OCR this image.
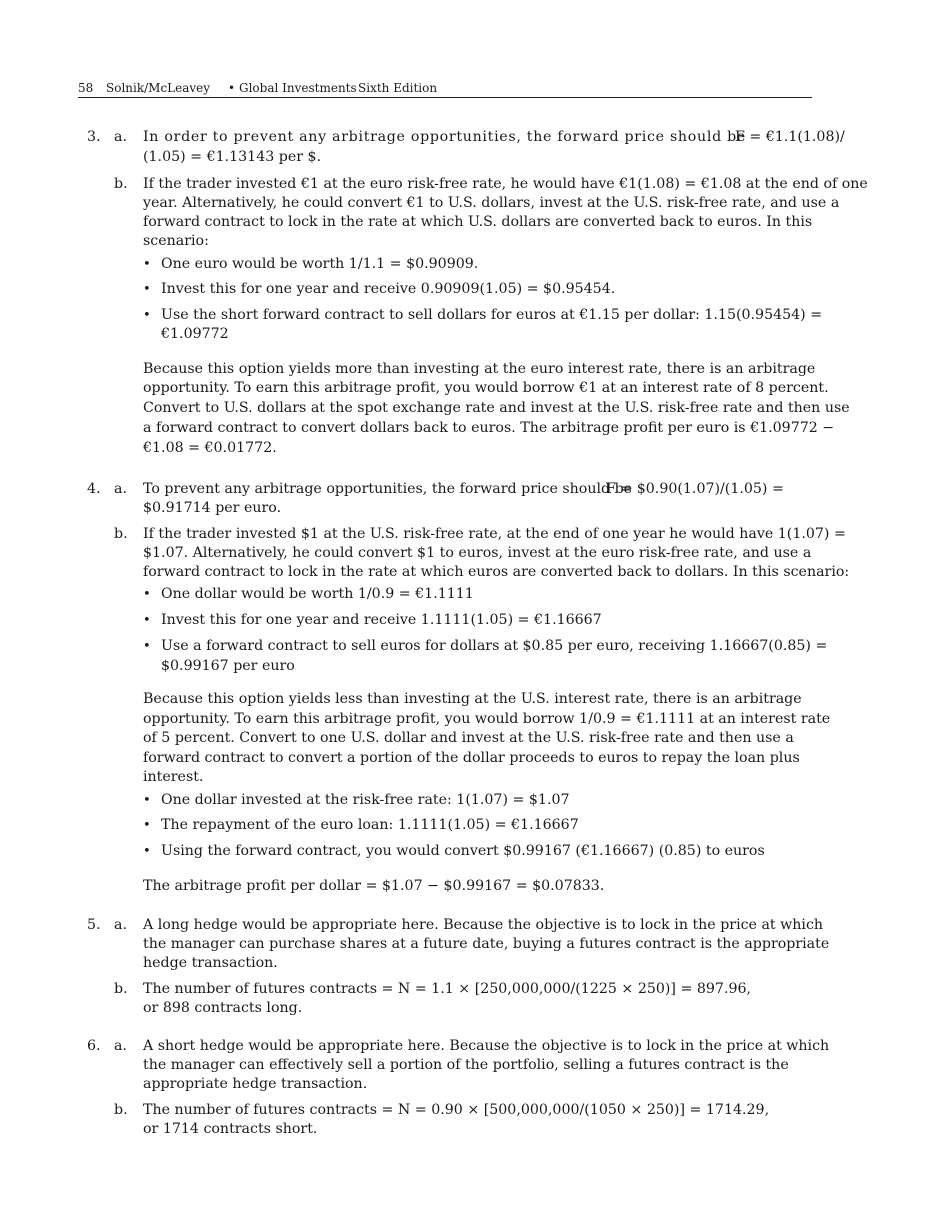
58 Solnik/McLeavey • Global Investments Sixth Edition
3. a. In order to prevent any arbitrage opportunities, the forward price should be
F = €1.1(1.08)/
(1.05) = €1.13143 per $.
b. If the trader invested €1 at the euro risk-free rate, he would have €1(1.08) = €1.08 at the end of one
year. Alternatively, he could convert €1 to U.S. dollars, invest at the U.S. risk-free rate, and use a
forward contract to lock in the rate at which U.S. dollars are converted back to euros. In this
scenario:
• One euro would be worth 1/1.1 = $0.90909.
• Invest this for one year and receive 0.90909(1.05) = $0.95454.
• Use the short forward contract to sell dollars for euros at €1.15 per dollar: 1.15(0.95454) =
€1.09772
Because this option yields more than investing at the euro interest rate, there is an arbitrage
opportunity. To earn this arbitrage profit, you would borrow €1 at an interest rate of 8 percent.
Convert to U.S. dollars at the spot exchange rate and invest at the U.S. risk-free rate and then use
a forward contract to convert dollars back to euros. The arbitrage profit per euro is €1.09772 −
€1.08 = €0.01772.
4. a. To prevent any arbitrage opportunities, the forward price should be
F = $0.90(1.07)/(1.05) =
$0.91714 per euro.
b. If the trader invested $1 at the U.S. risk-free rate, at the end of one year he would have 1(1.07) =
$1.07. Alternatively, he could convert $1 to euros, invest at the euro risk-free rate, and use a
forward contract to lock in the rate at which euros are converted back to dollars. In this scenario:
• One dollar would be worth 1/0.9 = €1.1111
• Invest this for one year and receive 1.1111(1.05) = €1.16667
• Use a forward contract to sell euros for dollars at $0.85 per euro, receiving 1.16667(0.85) =
$0.99167 per euro
Because this option yields less than investing at the U.S. interest rate, there is an arbitrage
opportunity. To earn this arbitrage profit, you would borrow 1/0.9 = €1.1111 at an interest rate
of 5 percent. Convert to one U.S. dollar and invest at the U.S. risk-free rate and then use a
forward contract to convert a portion of the dollar proceeds to euros to repay the loan plus
interest.
• One dollar invested at the risk-free rate: 1(1.07) = $1.07
• The repayment of the euro loan: 1.1111(1.05) = €1.16667
• Using the forward contract, you would convert $0.99167 (€1.16667) (0.85) to euros
The arbitrage profit per dollar = $1.07 − $0.99167 = $0.07833.
5. a. A long hedge would be appropriate here. Because the objective is to lock in the price at which
the manager can purchase shares at a future date, buying a futures contract is the appropriate
hedge transaction.
b. The number of futures contracts = N = 1.1 × [250,000,000/(1225 × 250)] = 897.96,
or 898 contracts long.
6. a. A short hedge would be appropriate here. Because the objective is to lock in the price at which
the manager can effectively sell a portion of the portfolio, selling a futures contract is the
appropriate hedge transaction.
b. The number of futures contracts = N = 0.90 × [500,000,000/(1050 × 250)] = 1714.29,
or 1714 contracts short.
